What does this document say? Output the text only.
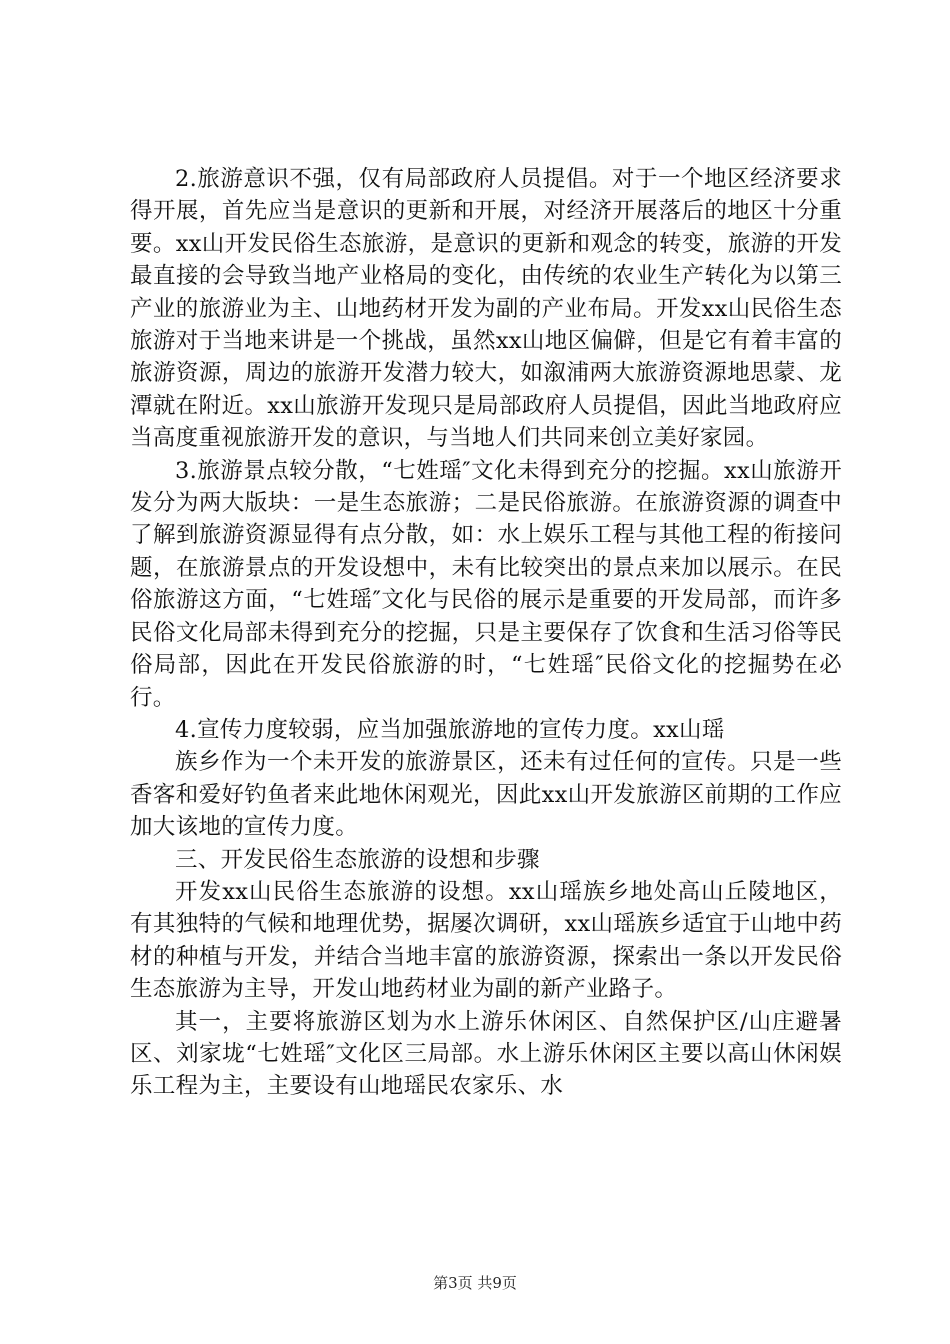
2.旅游意识不强，仅有局部政府人员提倡。对于一个地区经济要求得开展，首先应当是意识的更新和开展，对经济开展落后的地区十分重要。xx山开发民俗生态旅游，是意识的更新和观念的转变，旅游的开发最直接的会导致当地产业格局的变化，由传统的农业生产转化为以第三产业的旅游业为主、山地药材开发为副的产业布局。开发xx山民俗生态旅游对于当地来讲是一个挑战，虽然xx山地区偏僻，但是它有着丰富的旅游资源，周边的旅游开发潜力较大，如溆浦两大旅游资源地思蒙、龙潭就在附近。xx山旅游开发现只是局部政府人员提倡，因此当地政府应当高度重视旅游开发的意识，与当地人们共同来创立美好家园。

3.旅游景点较分散，“七姓瑶″文化未得到充分的挖掘。xx山旅游开发分为两大版块：一是生态旅游；二是民俗旅游。在旅游资源的调查中了解到旅游资源显得有点分散，如：水上娱乐工程与其他工程的衔接问题，在旅游景点的开发设想中，未有比较突出的景点来加以展示。在民俗旅游这方面，“七姓瑶″文化与民俗的展示是重要的开发局部，而许多民俗文化局部未得到充分的挖掘，只是主要保存了饮食和生活习俗等民俗局部，因此在开发民俗旅游的时，“七姓瑶″民俗文化的挖掘势在必行。

4.宣传力度较弱，应当加强旅游地的宣传力度。xx山瑶

族乡作为一个未开发的旅游景区，还未有过任何的宣传。只是一些香客和爱好钓鱼者来此地休闲观光，因此xx山开发旅游区前期的工作应加大该地的宣传力度。

三、开发民俗生态旅游的设想和步骤

开发xx山民俗生态旅游的设想。xx山瑶族乡地处高山丘陵地区，有其独特的气候和地理优势，据屡次调研，xx山瑶族乡适宜于山地中药材的种植与开发，并结合当地丰富的旅游资源，探索出一条以开发民俗生态旅游为主导，开发山地药材业为副的新产业路子。

其一，主要将旅游区划为水上游乐休闲区、自然保护区/山庄避暑区、刘家垅“七姓瑶″文化区三局部。水上游乐休闲区主要以高山休闲娱乐工程为主，主要设有山地瑶民农家乐、水

第3页 共9页
